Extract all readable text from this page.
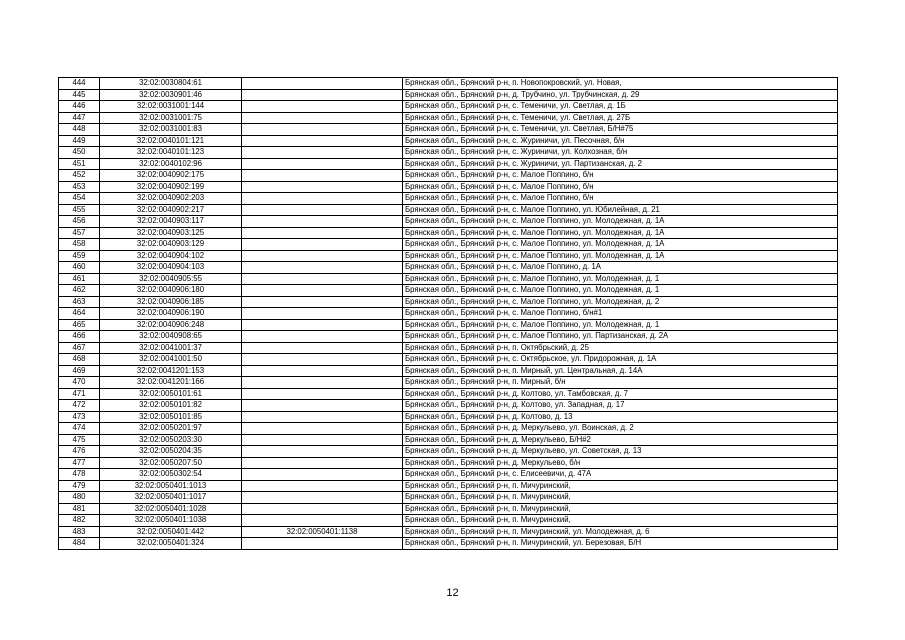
444	32:02:0030804:61		Брянская обл., Брянский р-н, п. Новопокровский, ул. Новая,
445	32:02:0030901:46		Брянская обл., Брянский р-н, д. Трубчино, ул. Трубчинская, д. 29
446	32:02:0031001:144		Брянская обл., Брянский р-н, с. Теменичи, ул. Светлая, д. 1Б
447	32:02:0031001:75		Брянская обл., Брянский р-н, с. Теменичи, ул. Светлая, д. 27Б
448	32:02:0031001:83		Брянская обл., Брянский р-н, с. Теменичи, ул. Светлая, Б/Н#75
449	32:02:0040101:121		Брянская обл., Брянский р-н, с. Журиничи, ул. Песочная, б/н
450	32:02:0040101:123		Брянская обл., Брянский р-н, с. Журиничи, ул. Колхозная, б/н
451	32:02:0040102:96		Брянская обл., Брянский р-н, с. Журиничи, ул. Партизанская, д. 2
452	32:02:0040902:175		Брянская обл., Брянский р-н, с. Малое Поппино, б/н
453	32:02:0040902:199		Брянская обл., Брянский р-н, с. Малое Поппино, б/н
454	32:02:0040902:203		Брянская обл., Брянский р-н, с. Малое Поппино, б/н
455	32:02:0040902:217		Брянская обл., Брянский р-н, с. Малое Поппино, ул. Юбилейная, д. 21
456	32:02:0040903:117		Брянская обл., Брянский р-н, с. Малое Поппино, ул. Молодежная, д. 1А
457	32:02:0040903:125		Брянская обл., Брянский р-н, с. Малое Поппино, ул. Молодежная, д. 1А
458	32:02:0040903:129		Брянская обл., Брянский р-н, с. Малое Поппино, ул. Молодежная, д. 1А
459	32:02:0040904:102		Брянская обл., Брянский р-н, с. Малое Поппино, ул. Молодежная, д. 1А
460	32:02:0040904:103		Брянская обл., Брянский р-н, с. Малое Поппино, д. 1А
461	32:02:0040905:55		Брянская обл., Брянский р-н, с. Малое Поппино, ул. Молодежная, д. 1
462	32:02:0040906:180		Брянская обл., Брянский р-н, с. Малое Поппино, ул. Молодежная, д. 1
463	32:02:0040906:185		Брянская обл., Брянский р-н, с. Малое Поппино, ул. Молодежная, д. 2
464	32:02:0040906:190		Брянская обл., Брянский р-н, с. Малое Поппино, б/н#1
465	32:02:0040906:248		Брянская обл., Брянский р-н, с. Малое Поппино, ул. Молодежная, д. 1
466	32:02:0040908:65		Брянская обл., Брянский р-н, с. Малое Поппино, ул. Партизанская, д. 2А
467	32:02:0041001:37		Брянская обл., Брянский р-н, п. Октябрьский, д. 25
468	32:02:0041001:50		Брянская обл., Брянский р-н, с. Октябрьское, ул. Придорожная, д. 1А
469	32:02:0041201:153		Брянская обл., Брянский р-н, п. Мирный, ул. Центральная, д. 14А
470	32:02:0041201:166		Брянская обл., Брянский р-н, п. Мирный, б/н
471	32:02:0050101:61		Брянская обл., Брянский р-н, д. Колтово, ул. Тамбовская, д. 7
472	32:02:0050101:82		Брянская обл., Брянский р-н, д. Колтово, ул. Западная, д. 17
473	32:02:0050101:85		Брянская обл., Брянский р-н, д. Колтово, д. 13
474	32:02:0050201:97		Брянская обл., Брянский р-н, д. Меркульево, ул. Воинская, д. 2
475	32:02:0050203:30		Брянская обл., Брянский р-н, д. Меркульево, Б/Н#2
476	32:02:0050204:35		Брянская обл., Брянский р-н, д. Меркульево, ул. Советская, д. 13
477	32:02:0050207:50		Брянская обл., Брянский р-н, д. Меркульево, б/н
478	32:02:0050302:54		Брянская обл., Брянский р-н, с. Елисеевичи, д. 47А
479	32:02:0050401:1013		Брянская обл., Брянский р-н, п. Мичуринский,
480	32:02:0050401:1017		Брянская обл., Брянский р-н, п. Мичуринский,
481	32:02:0050401:1028		Брянская обл., Брянский р-н, п. Мичуринский,
482	32:02:0050401:1038		Брянская обл., Брянский р-н, п. Мичуринский,
483	32:02:0050401:442	32:02:0050401:1138	Брянская обл., Брянский р-н, п. Мичуринский, ул. Молодежная, д. 6
484	32:02:0050401:324		Брянская обл., Брянский р-н, п. Мичуринский, ул. Березовая, Б/Н
12
